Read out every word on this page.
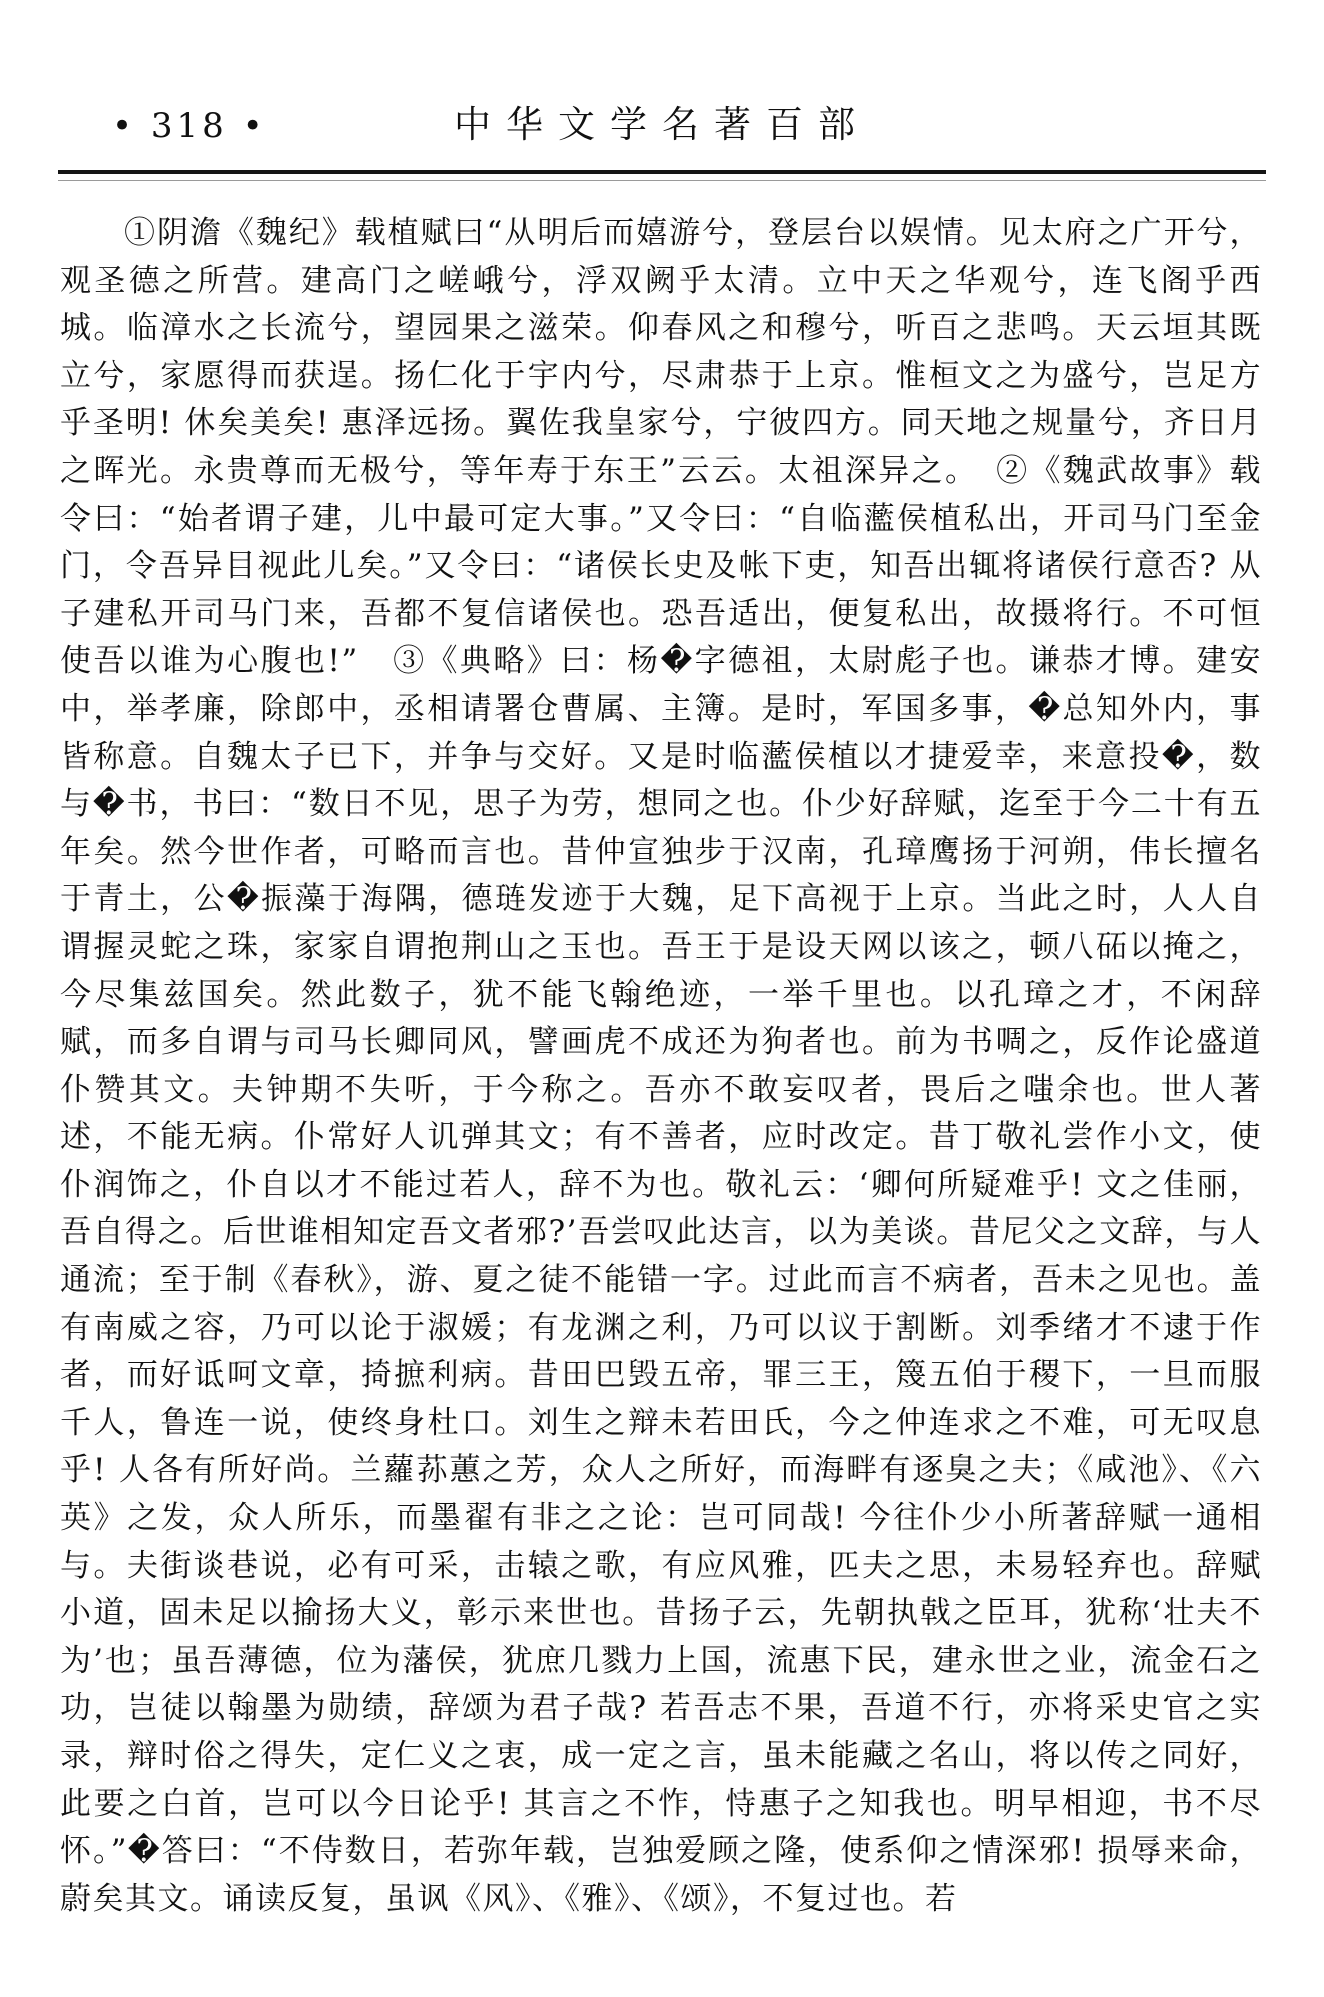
• 318 •	中华文学名著百部

①阴澹《魏纪》载植赋曰“从明后而嬉游兮，登层台以娱情。见太府之广开兮，观圣德之所营。建高门之嵯峨兮，浮双阙乎太清。立中天之华观兮，连飞阁乎西城。临漳水之长流兮，望园果之滋荣。仰春风之和穆兮，听百之悲鸣。天云垣其既立兮，家愿得而获逞。扬仁化于宇内兮，尽肃恭于上京。惟桓文之为盛兮，岂足方乎圣明! 休矣美矣! 惠泽远扬。翼佐我皇家兮，宁彼四方。同天地之规量兮，齐日月之晖光。永贵尊而无极兮，等年寿于东王”云云。太祖深异之。　②《魏武故事》载令曰：“始者谓子建，儿中最可定大事。”又令曰：“自临蘫侯植私出，开司马门至金门，令吾异目视此儿矣。”又令曰：“诸侯长史及帐下吏，知吾出辄将诸侯行意否? 从子建私开司马门来，吾都不复信诸侯也。恐吾适出，便复私出，故摄将行。不可恒使吾以谁为心腹也!”　③《典略》曰：杨�字德祖，太尉彪子也。谦恭才博。建安中，举孝廉，除郎中，丞相请署仓曹属、主簿。是时，军国多事，�总知外内，事皆称意。自魏太子已下，并争与交好。又是时临蘫侯植以才捷爱幸，来意投�，数与�书，书曰：“数日不见，思子为劳，想同之也。仆少好辞赋，迄至于今二十有五年矣。然今世作者，可略而言也。昔仲宣独步于汉南，孔璋鹰扬于河朔，伟长擅名于青土，公�振藻于海隅，德琏发迹于大魏，足下高视于上京。当此之时，人人自谓握灵蛇之珠，家家自谓抱荆山之玉也。吾王于是设天网以该之，顿八砳以掩之，今尽集兹国矣。然此数子，犹不能飞翰绝迹，一举千里也。以孔璋之才，不闲辞赋，而多自谓与司马长卿同风，譬画虎不成还为狗者也。前为书啁之，反作论盛道仆赞其文。夫钟期不失听，于今称之。吾亦不敢妄叹者，畏后之嗤余也。世人著述，不能无病。仆常好人讥弹其文；有不善者，应时改定。昔丁敬礼尝作小文，使仆润饰之，仆自以才不能过若人，辞不为也。敬礼云：‘卿何所疑难乎! 文之佳丽，吾自得之。后世谁相知定吾文者邪?’吾尝叹此达言，以为美谈。昔尼父之文辞，与人通流；至于制《春秋》，游、夏之徒不能错一字。过此而言不病者，吾未之见也。盖有南威之容，乃可以论于淑媛；有龙渊之利，乃可以议于割断。刘季绪才不逮于作者，而好诋呵文章，掎摭利病。昔田巴毁五帝，罪三王，篾五伯于稷下，一旦而服千人，鲁连一说，使终身杜口。刘生之辩未若田氏，今之仲连求之不难，可无叹息乎! 人各有所好尚。兰蘿荪蕙之芳，众人之所好，而海畔有逐臭之夫；《咸池》、《六英》之发，众人所乐，而墨翟有非之之论：岂可同哉! 今往仆少小所著辞赋一通相与。夫街谈巷说，必有可采，击辕之歌，有应风雅，匹夫之思，未易轻弃也。辞赋小道，固未足以揄扬大义，彰示来世也。昔扬子云，先朝执戟之臣耳，犹称‘壮夫不为’也；虽吾薄德，位为藩侯，犹庶几戮力上国，流惠下民，建永世之业，流金石之功，岂徒以翰墨为勋绩，辞颂为君子哉? 若吾志不果，吾道不行，亦将采史官之实录，辩时俗之得失，定仁义之衷，成一定之言，虽未能藏之名山，将以传之同好，此要之白首，岂可以今日论乎! 其言之不怍，恃惠子之知我也。明早相迎，书不尽怀。”�答曰：“不侍数日，若弥年载，岂独爱顾之隆，使系仰之情深邪! 损辱来命，蔚矣其文。诵读反复，虽讽《风》、《雅》、《颂》，不复过也。若
